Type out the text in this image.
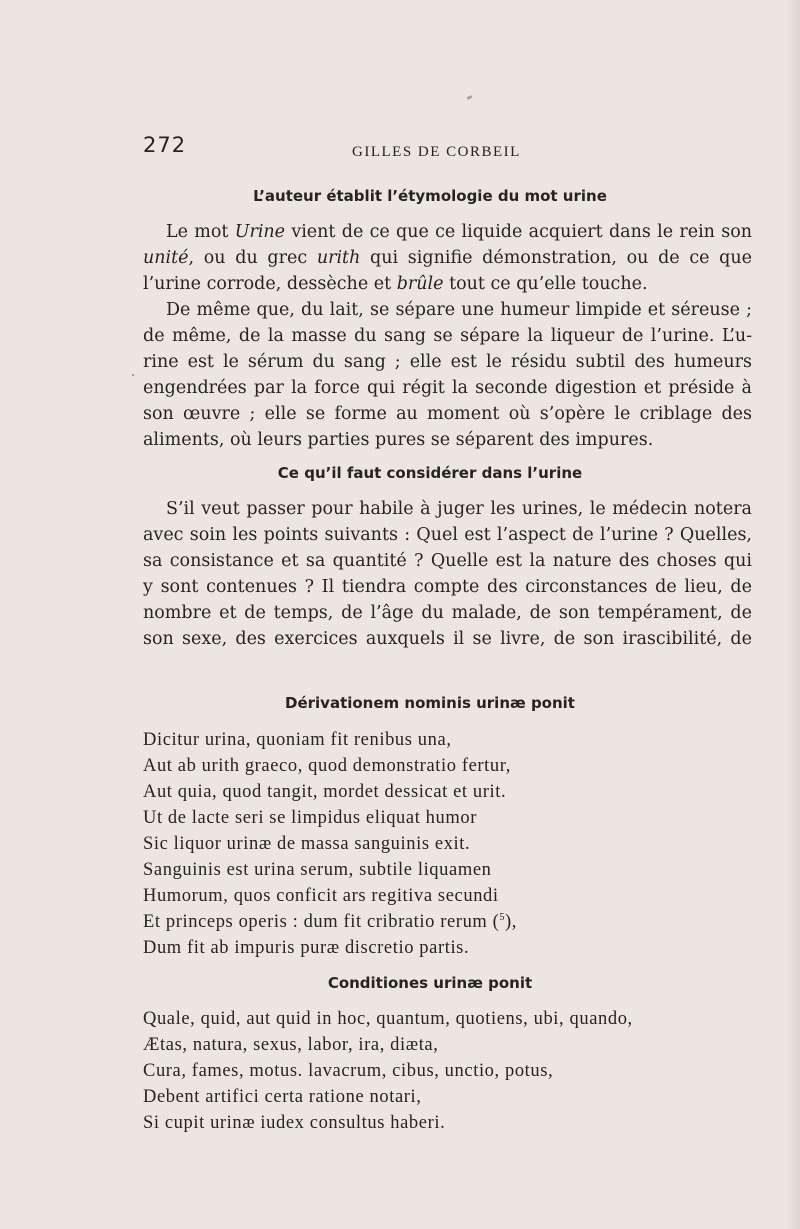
272	GILLES DE CORBEIL
L’auteur établit l’étymologie du mot urine
Le mot Urine vient de ce que ce liquide acquiert dans le rein son
unité, ou du grec urith qui signifie démonstration, ou de ce que
l’urine corrode, dessèche et brûle tout ce qu’elle touche.
De même que, du lait, se sépare une humeur limpide et séreuse ;
de même, de la masse du sang se sépare la liqueur de l’urine. L’u-
rine est le sérum du sang ; elle est le résidu subtil des humeurs
engendrées par la force qui régit la seconde digestion et préside à
son œuvre ; elle se forme au moment où s’opère le criblage des
aliments, où leurs parties pures se séparent des impures.
Ce qu’il faut considérer dans l’urine
S’il veut passer pour habile à juger les urines, le médecin notera
avec soin les points suivants : Quel est l’aspect de l’urine ? Quelles,
sa consistance et sa quantité ? Quelle est la nature des choses qui
y sont contenues ? Il tiendra compte des circonstances de lieu, de
nombre et de temps, de l’âge du malade, de son tempérament, de
son sexe, des exercices auxquels il se livre, de son irascibilité, de
Dérivationem nominis urinæ ponit
Dicitur urina, quoniam fit renibus una,
Aut ab urith graeco, quod demonstratio fertur,
Aut quia, quod tangit, mordet dessicat et urit.
Ut de lacte seri se limpidus eliquat humor
Sic liquor urinæ de massa sanguinis exit.
Sanguinis est urina serum, subtile liquamen
Humorum, quos conficit ars regitiva secundi
Et princeps operis : dum fit cribratio rerum ($^5$),
Dum fit ab impuris puræ discretio partis.
Conditiones urinæ ponit
Quale, quid, aut quid in hoc, quantum, quotiens, ubi, quando,
Ætas, natura, sexus, labor, ira, diæta,
Cura, fames, motus. lavacrum, cibus, unctio, potus,
Debent artifici certa ratione notari,
Si cupit urinæ iudex consultus haberi.
